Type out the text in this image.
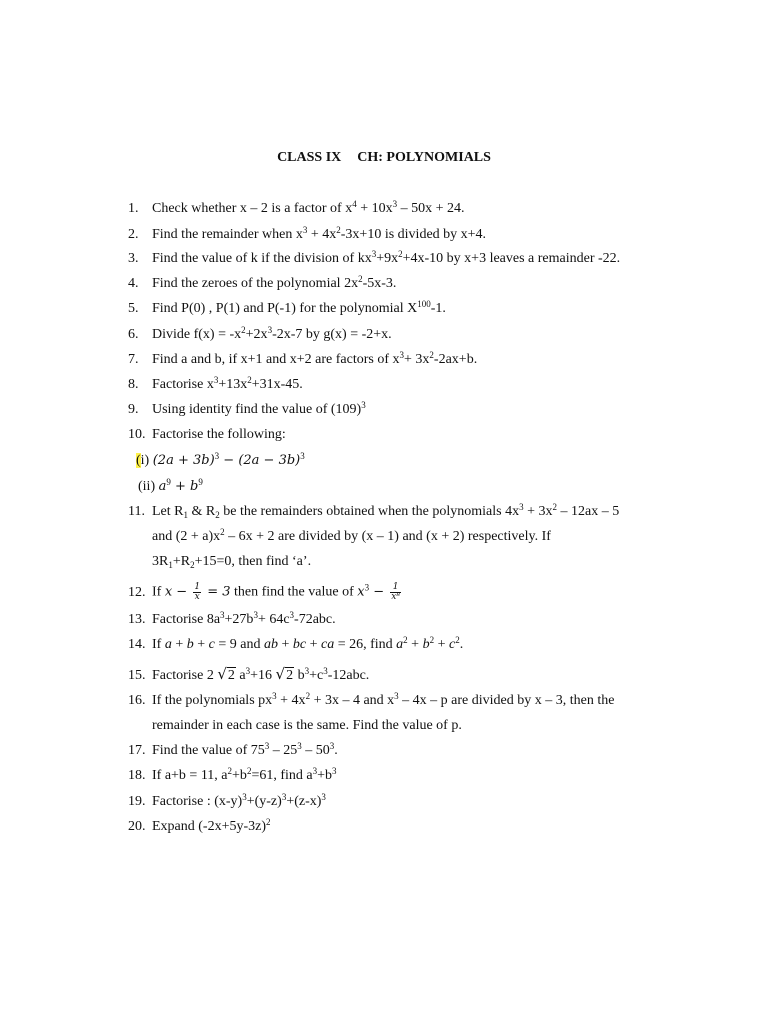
CLASS IX CH: POLYNOMIALS
1. Check whether x – 2 is a factor of $x^4 + 10x^3 - 50x + 24$.
2. Find the remainder when $x^3 + 4x^2-3x+10$ is divided by x+4.
3. Find the value of k if the division of $kx^3+9x^2+4x-10$ by x+3 leaves a remainder -22.
4. Find the zeroes of the polynomial $2x^2-5x-3$.
5. Find P(0) , P(1) and P(-1) for the polynomial $X^{100}-1$.
6. Divide $f(x) = -x^2+2x^3-2x-7$ by g(x) = -2+x.
7. Find a and b, if x+1 and x+2 are factors of $x^3+ 3x^2-2ax+b$.
8. Factorise $x^3+13x^2+31x-45$.
9. Using identity find the value of $(109)^3$
10. Factorise the following:
(i) $(2a + 3b)^3 - (2a - 3b)^3$
(ii) $a^9 + b^9$
11. Let $R_1$ & $R_2$ be the remainders obtained when the polynomials $4x^3 + 3x^2 - 12ax - 5$
and $(2 + a)x^2 - 6x + 2$ are divided by (x – 1) and (x + 2) respectively. If
$3R_1+R_2+15=0$, then find ‘a’.
12. If $x - \frac{1}{x} = 3$ then find the value of $x^3 - \frac{1}{\text{x⁸}}$
13. Factorise $8a^3+27b^3+ 64c^3-72abc$.
14. If a + b + c = 9 and ab + bc + ca = 26, find $a^2 + b^2 + c^2$.
15. Factorise 2 √2 $a^3+16$ √2 $b^3+c^3-12abc$.
16. If the polynomials $px^3 + 4x^2 + 3x - 4$ and $x^3 - 4x$ – p are divided by x – 3, then the
remainder in each case is the same. Find the value of p.
17. Find the value of $75^3 - 25^3 - 50^3$.
18. If a+b = 11, $a^2+b^2=61$, find $a^3+b^3$
19. Factorise : $(x-y)^3+(y-z)^3+(z-x)^3$
20. Expand $(-2x+5y-3z)^2$
